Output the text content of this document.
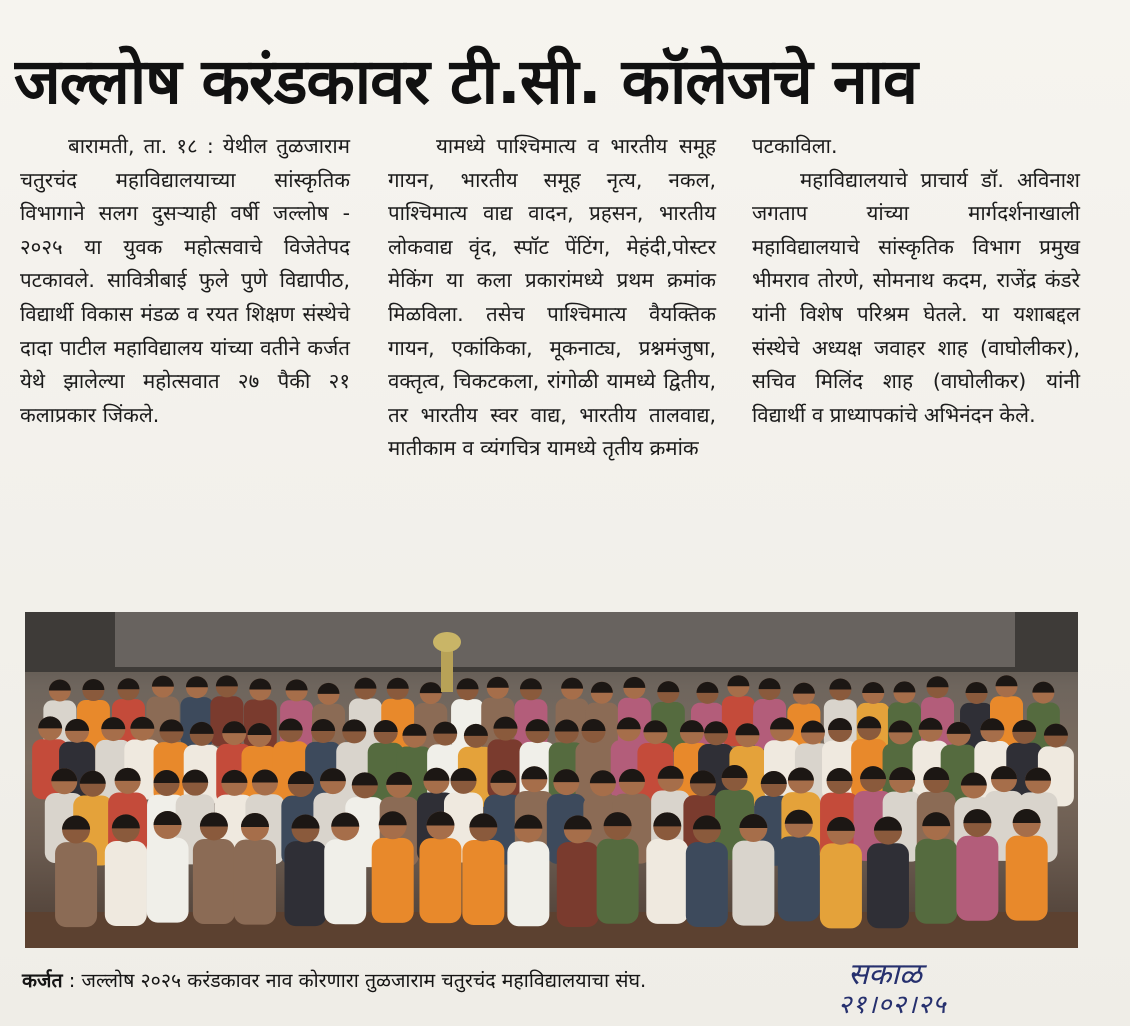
जल्लोष करंडकावर टी.सी. कॉलेजचे नाव

बारामती, ता. १८ : येथील तुळजाराम चतुरचंद महाविद्यालयाच्या सांस्कृतिक विभागाने सलग दुसऱ्याही वर्षी जल्लोष - २०२५ या युवक महोत्सवाचे विजेतेपद पटकावले. सावित्रीबाई फुले पुणे विद्यापीठ, विद्यार्थी विकास मंडळ व रयत शिक्षण संस्थेचे दादा पाटील महाविद्यालय यांच्या वतीने कर्जत येथे झालेल्या महोत्सवात २७ पैकी २१ कलाप्रकार जिंकले.

यामध्ये पाश्चिमात्य व भारतीय समूह गायन, भारतीय समूह नृत्य, नकल, पाश्चिमात्य वाद्य वादन, प्रहसन, भारतीय लोकवाद्य वृंद, स्पॉट पेंटिंग, मेहंदी,पोस्टर मेकिंग या कला प्रकारांमध्ये प्रथम क्रमांक मिळविला. तसेच पाश्चिमात्य वैयक्तिक गायन, एकांकिका, मूकनाट्य, प्रश्नमंजुषा, वक्तृत्व, चिकटकला, रांगोळी यामध्ये द्वितीय, तर भारतीय स्वर वाद्य, भारतीय तालवाद्य, मातीकाम व व्यंगचित्र यामध्ये तृतीय क्रमांक

पटकाविला.

महाविद्यालयाचे प्राचार्य डॉ. अविनाश जगताप यांच्या मार्गदर्शनाखाली महाविद्यालयाचे सांस्कृतिक विभाग प्रमुख भीमराव तोरणे, सोमनाथ कदम, राजेंद्र कंडरे यांनी विशेष परिश्रम घेतले. या यशाबद्दल संस्थेचे अध्यक्ष जवाहर शाह (वाघोलीकर), सचिव मिलिंद शाह (वाघोलीकर) यांनी विद्यार्थी व प्राध्यापकांचे अभिनंदन केले.

कर्जत : जल्लोष २०२५ करंडकावर नाव कोरणारा तुळजाराम चतुरचंद महाविद्यालयाचा संघ.	सकाळ
२१।०२।२५
